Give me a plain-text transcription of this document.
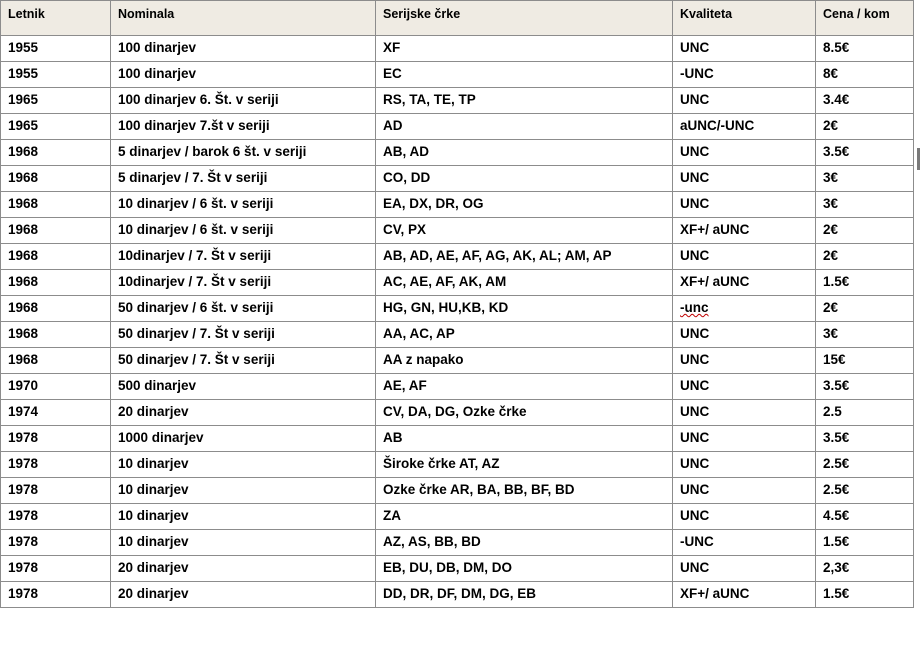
Letnik	Nominala	Serijske črke	Kvaliteta	Cena / kom
1955	100 dinarjev	XF	UNC	8.5€
1955	100 dinarjev	EC	-UNC	8€
1965	100 dinarjev 6. Št. v seriji	RS, TA, TE, TP	UNC	3.4€
1965	100 dinarjev 7.št v seriji	AD	aUNC/-UNC	2€
1968	5 dinarjev / barok 6 št. v seriji	AB, AD	UNC	3.5€
1968	5 dinarjev / 7. Št v seriji	CO, DD	UNC	3€
1968	10 dinarjev / 6 št. v seriji	EA, DX, DR, OG	UNC	3€
1968	10 dinarjev / 6 št. v seriji	CV, PX	XF+/ aUNC	2€
1968	10dinarjev / 7. Št v seriji	AB, AD, AE, AF, AG, AK, AL; AM, AP	UNC	2€
1968	10dinarjev / 7. Št v seriji	AC, AE, AF, AK, AM	XF+/ aUNC	1.5€
1968	50 dinarjev / 6 št. v seriji	HG, GN, HU,KB, KD	-unc	2€
1968	50 dinarjev / 7. Št v seriji	AA, AC, AP	UNC	3€
1968	50 dinarjev / 7. Št v seriji	AA z napako	UNC	15€
1970	500 dinarjev	AE, AF	UNC	3.5€
1974	20 dinarjev	CV, DA, DG, Ozke črke	UNC	2.5
1978	1000 dinarjev	AB	UNC	3.5€
1978	10 dinarjev	Široke črke AT, AZ	UNC	2.5€
1978	10 dinarjev	Ozke črke AR, BA, BB, BF, BD	UNC	2.5€
1978	10 dinarjev	ZA	UNC	4.5€
1978	10 dinarjev	AZ, AS, BB, BD	-UNC	1.5€
1978	20 dinarjev	EB, DU, DB, DM, DO	UNC	2,3€
1978	20 dinarjev	DD, DR, DF, DM, DG, EB	XF+/ aUNC	1.5€
